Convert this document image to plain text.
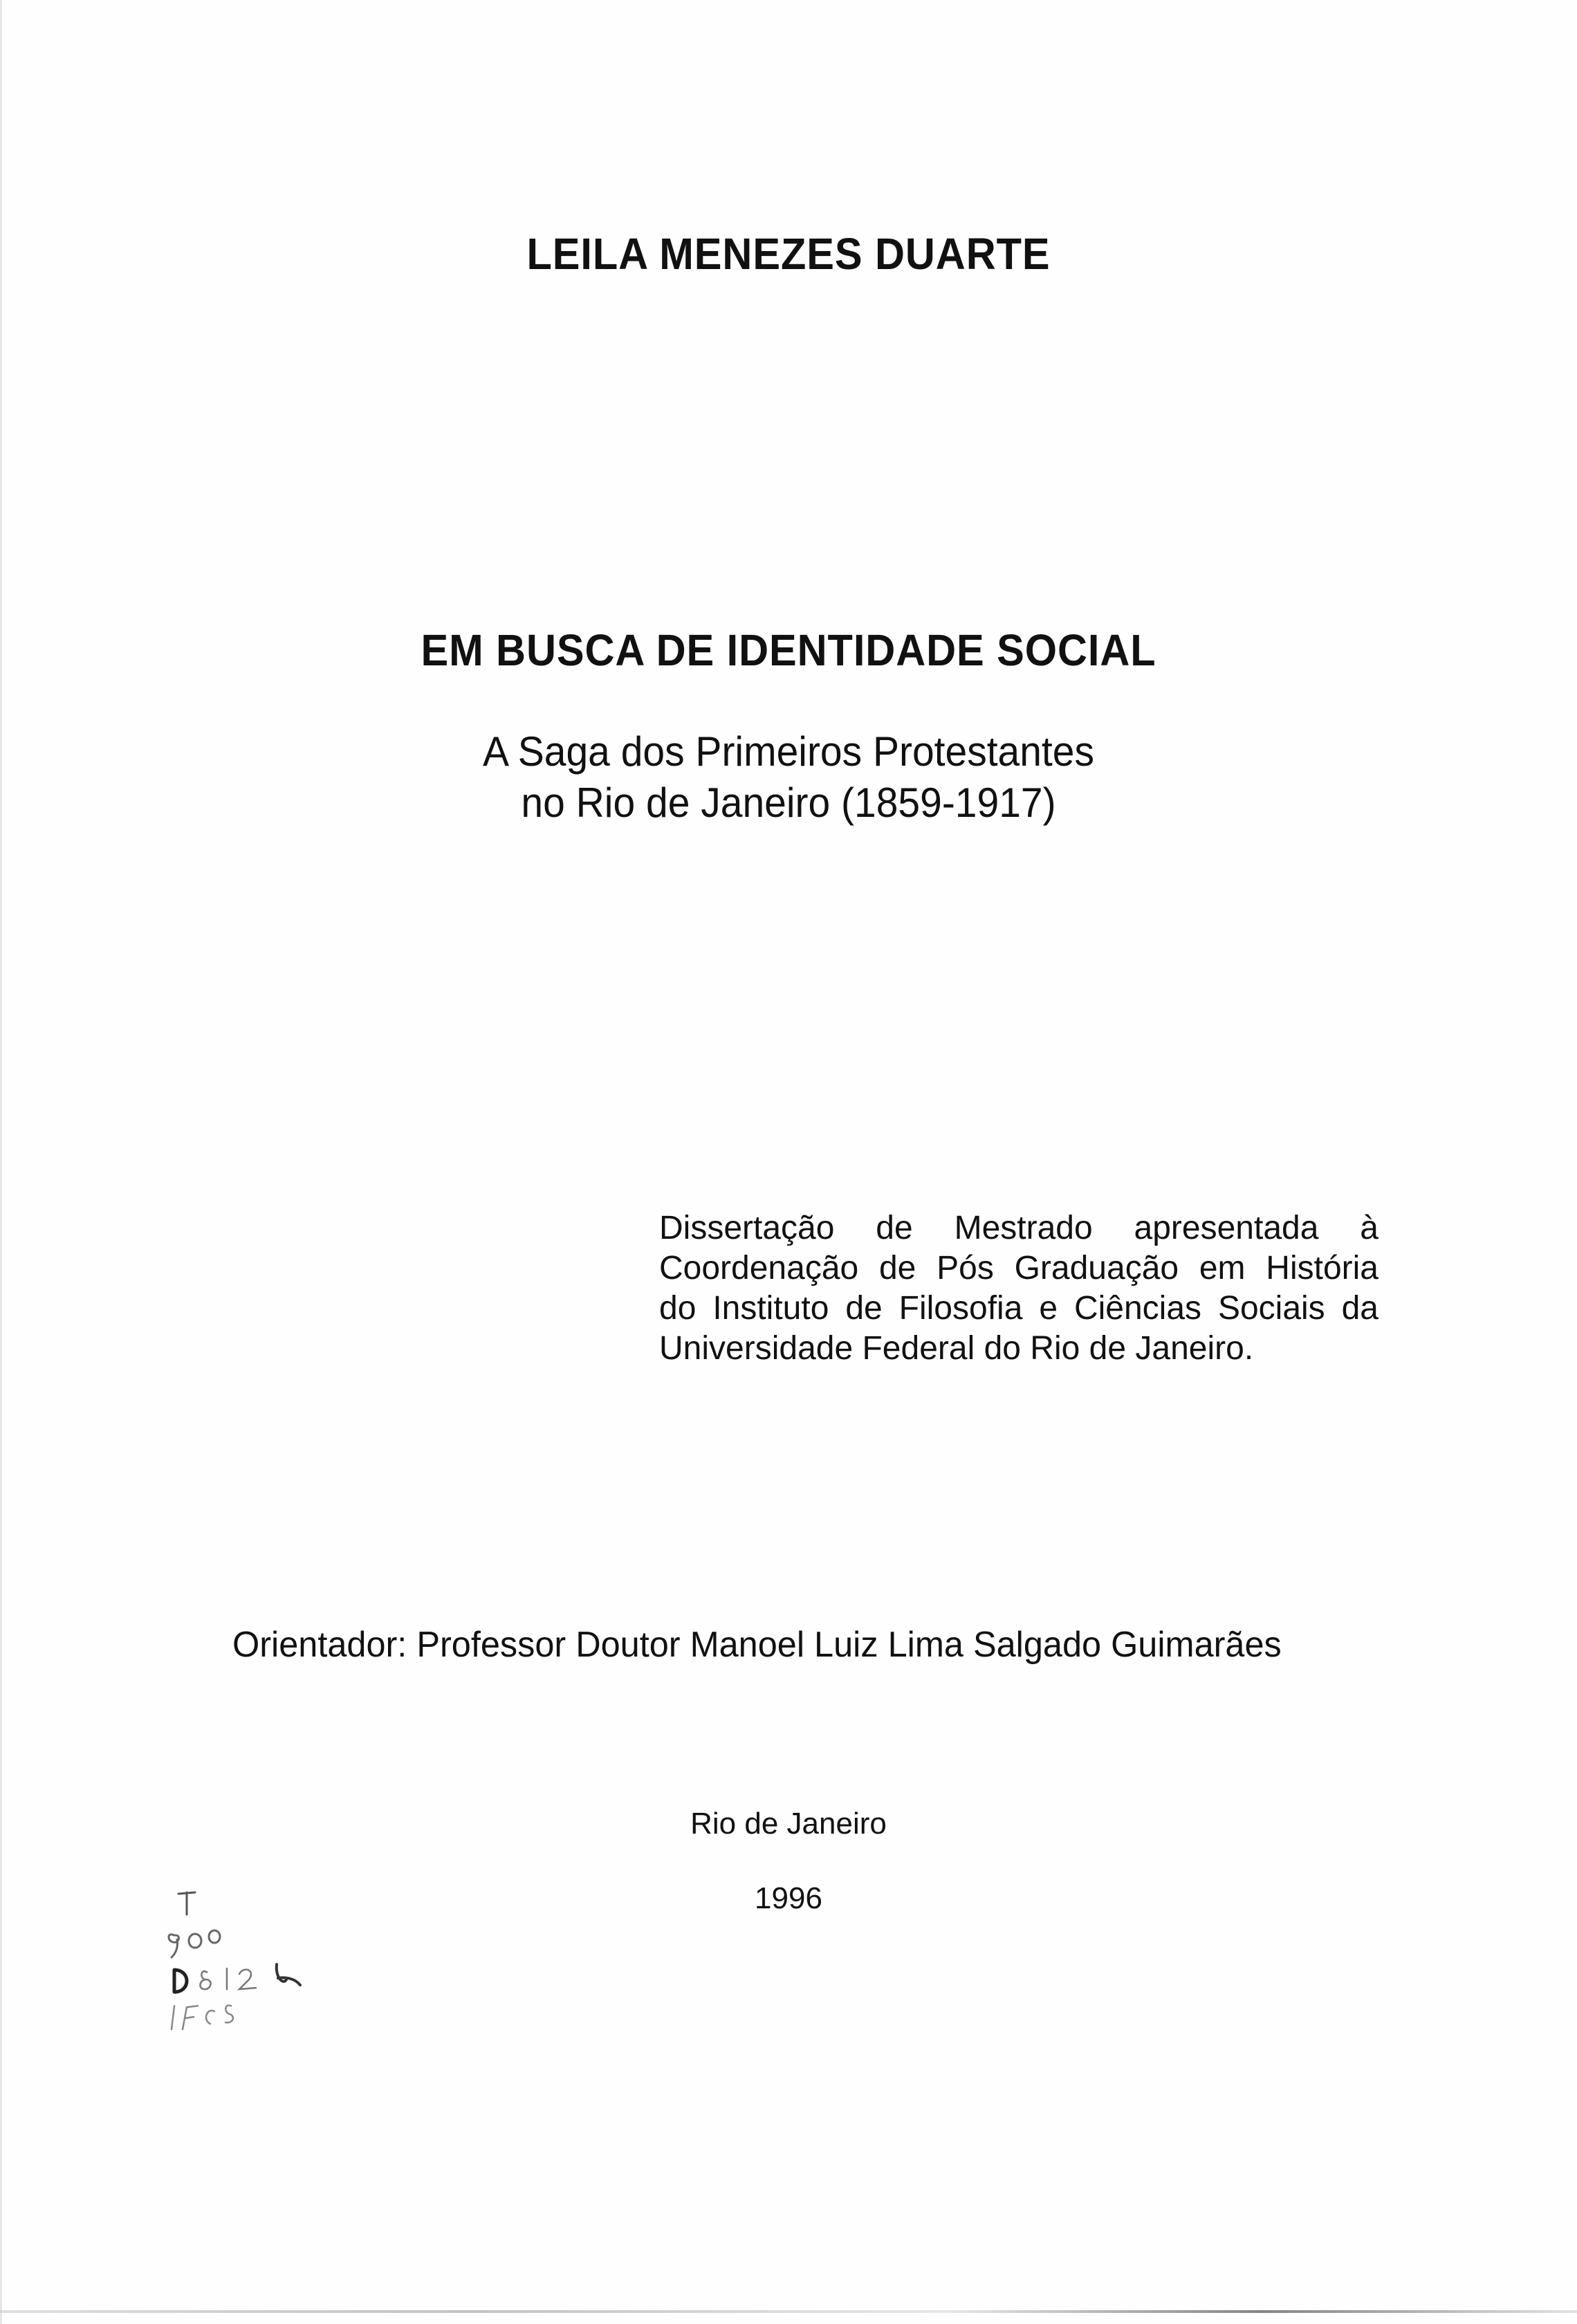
LEILA MENEZES DUARTE
EM BUSCA DE IDENTIDADE SOCIAL
A Saga dos Primeiros Protestantes
no Rio de Janeiro (1859-1917)
Dissertação de Mestrado apresentada à
Coordenação de Pós Graduação em História
do Instituto de Filosofia e Ciências Sociais da
Universidade Federal do Rio de Janeiro.
Orientador: Professor Doutor Manoel Luiz Lima Salgado Guimarães
Rio de Janeiro
1996
